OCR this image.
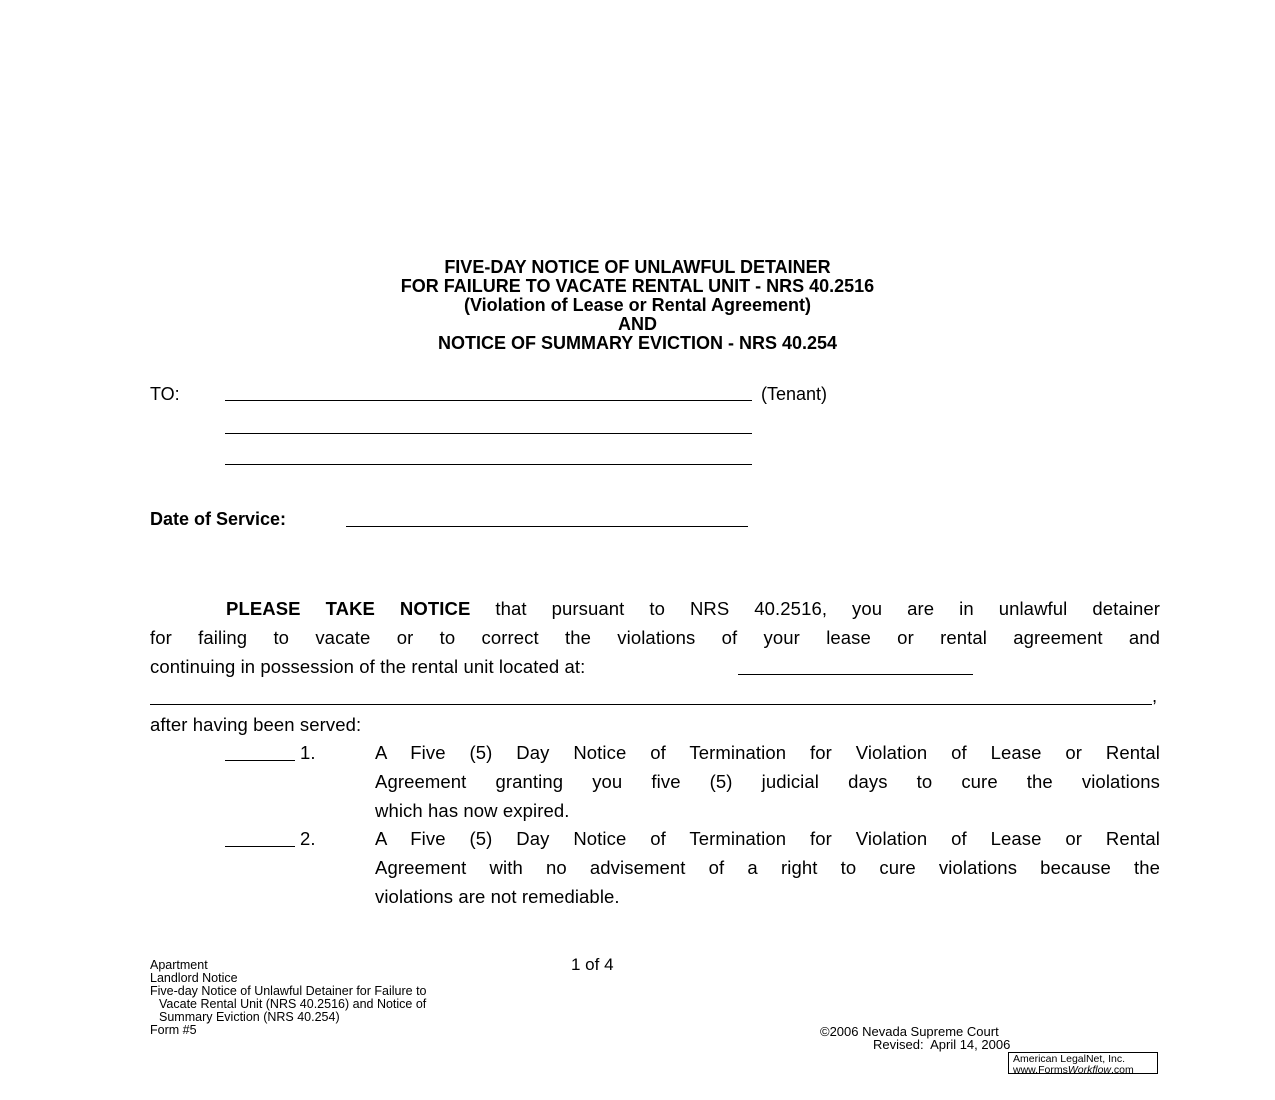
FIVE-DAY NOTICE OF UNLAWFUL DETAINER
FOR FAILURE TO VACATE RENTAL UNIT - NRS 40.2516
(Violation of Lease or Rental Agreement)
AND
NOTICE OF SUMMARY EVICTION - NRS 40.254
TO:	(Tenant)
Date of Service:
PLEASE TAKE NOTICE that pursuant to NRS 40.2516, you are in unlawful detainer
for failing to vacate or to correct the violations of your lease or rental agreement and
continuing in possession of the rental unit located at:
after having been served:
,
1.	A Five (5) Day Notice of Termination for Violation of Lease or Rental
Agreement granting you five (5) judicial days to cure the violations
which has now expired.
2.	A Five (5) Day Notice of Termination for Violation of Lease or Rental
Agreement with no advisement of a right to cure violations because the
violations are not remediable.
Apartment
Landlord Notice
Five-day Notice of Unlawful Detainer for Failure to
Vacate Rental Unit (NRS 40.2516) and Notice of
Summary Eviction (NRS 40.254)
Form #5
1 of 4
©2006 Nevada Supreme Court
Revised:  April 14, 2006
American LegalNet, Inc.
www.FormsWorkflow.com
